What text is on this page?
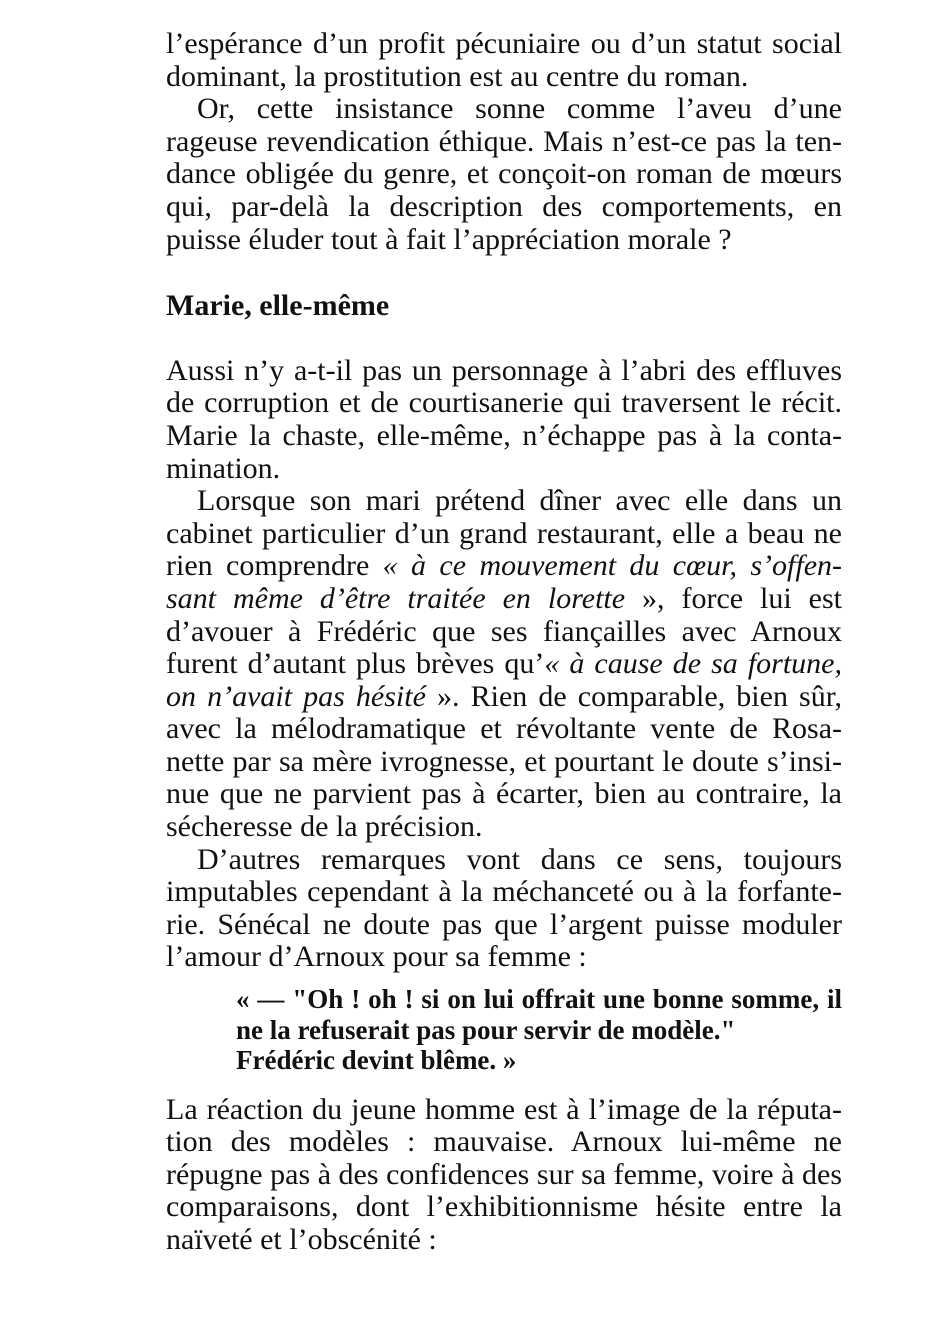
l’espérance d’un profit pécuniaire ou d’un statut social
dominant, la prostitution est au centre du roman.
Or, cette insistance sonne comme l’aveu d’une
rageuse revendication éthique. Mais n’est-ce pas la ten-
dance obligée du genre, et conçoit-on roman de mœurs
qui, par-delà la description des comportements, en
puisse éluder tout à fait l’appréciation morale ?
Marie, elle-même
Aussi n’y a-t-il pas un personnage à l’abri des effluves
de corruption et de courtisanerie qui traversent le récit.
Marie la chaste, elle-même, n’échappe pas à la conta-
mination.
Lorsque son mari prétend dîner avec elle dans un
cabinet particulier d’un grand restaurant, elle a beau ne
rien comprendre « à ce mouvement du cœur, s’offen-
sant même d’être traitée en lorette », force lui est
d’avouer à Frédéric que ses fiançailles avec Arnoux
furent d’autant plus brèves qu’« à cause de sa fortune,
on n’avait pas hésité ». Rien de comparable, bien sûr,
avec la mélodramatique et révoltante vente de Rosa-
nette par sa mère ivrognesse, et pourtant le doute s’insi-
nue que ne parvient pas à écarter, bien au contraire, la
sécheresse de la précision.
D’autres remarques vont dans ce sens, toujours
imputables cependant à la méchanceté ou à la forfante-
rie. Sénécal ne doute pas que l’argent puisse moduler
l’amour d’Arnoux pour sa femme :
« — "Oh ! oh ! si on lui offrait une bonne somme, il
ne la refuserait pas pour servir de modèle."
Frédéric devint blême. »
La réaction du jeune homme est à l’image de la réputa-
tion des modèles : mauvaise. Arnoux lui-même ne
répugne pas à des confidences sur sa femme, voire à des
comparaisons, dont l’exhibitionnisme hésite entre la
naïveté et l’obscénité :
